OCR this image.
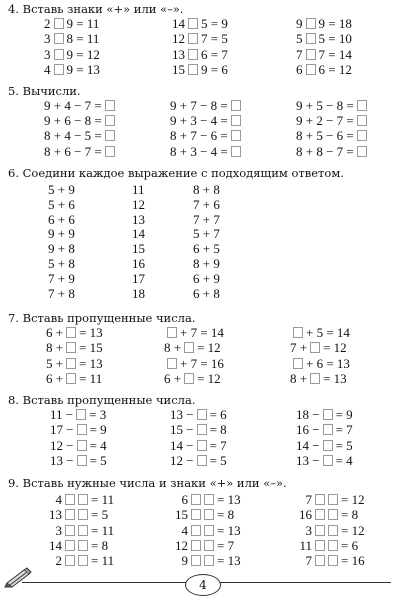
4. Вставь знаки «+» или «–».
2 9 = 11	14 5 = 9	9 9 = 18
3 8 = 11	12 7 = 5	5 5 = 10
3 9 = 12	13 6 = 7	7 7 = 14
4 9 = 13	15 9 = 6	6 6 = 12
5. Вычисли.
9 + 4 − 7 =	9 + 7 − 8 =	9 + 5 − 8 =
9 + 6 − 8 =	9 + 3 − 4 =	9 + 2 − 7 =
8 + 4 − 5 =	8 + 7 − 6 =	8 + 5 − 6 =
8 + 6 − 7 =	8 + 3 − 4 =	8 + 8 − 7 =
6. Соедини каждое выражение с подходящим ответом.
5 + 9
5 + 6
6 + 6
9 + 9
9 + 8
5 + 8
7 + 9
7 + 8
11
12
13
14
15
16
17
18
8 + 8
7 + 6
7 + 7
5 + 7
6 + 5
8 + 9
6 + 9
6 + 8
7. Вставь пропущенные числа.
6 + = 13	+ 7 = 14	+ 5 = 14
8 + = 15	8 + = 12	7 + = 12
5 + = 13	+ 7 = 16	+ 6 = 13
6 + = 11	6 + = 12	8 + = 13
8. Вставь пропущенные числа.
11 − = 3	13 − = 6	18 − = 9
17 − = 9	15 − = 8	16 − = 7
12 − = 4	14 − = 7	14 − = 5
13 − = 5	12 − = 5	13 − = 4
9. Вставь нужные числа и знаки «+» или «–».
4 = 11	6 = 13	7 = 12
13 = 5	15 = 8	16 = 8
3 = 11	4 = 13	3 = 12
14 = 8	12 = 7	11 = 6
2 = 11	9 = 13	7 = 16
4
